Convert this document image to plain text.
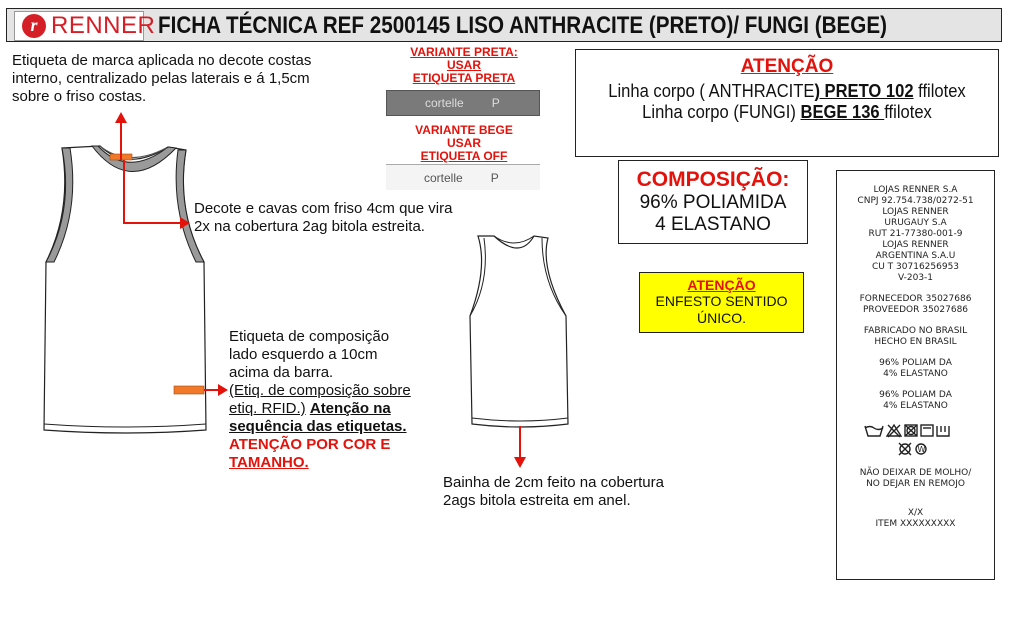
r RENNER FICHA TÉCNICA REF 2500145 LISO ANTHRACITE (PRETO)/ FUNGI (BEGE)
Etiqueta de marca aplicada no decote costas
interno, centralizado pelas laterais e á 1,5cm
sobre o friso costas.
Decote e cavas com friso 4cm que vira
2x na cobertura 2ag bitola estreita.
Etiqueta de composição
lado esquerdo a 10cm
acima da barra.
(Etiq. de composição sobre
etiq. RFID.) Atenção na
sequência das etiquetas.
ATENÇÃO POR COR E
TAMANHO.
Bainha de 2cm feito na cobertura
2ags bitola estreita em anel.
VARIANTE PRETA:
USAR
ETIQUETA PRETA
cortelle P
VARIANTE BEGE
USAR
ETIQUETA OFF
cortelle P
ATENÇÃO
Linha corpo ( ANTHRACITE) PRETO 102 ffilotex
Linha corpo (FUNGI) BEGE 136 ffilotex
COMPOSIÇÃO:
96% POLIAMIDA
4 ELASTANO
ATENÇÃO
ENFESTO SENTIDO
ÚNICO.
LOJAS RENNER S.A
CNPJ 92.754.738/0272-51
LOJAS RENNER
URUGAUY S.A
RUT 21-77380-001-9
LOJAS RENNER
ARGENTINA S.A.U
CU T 30716256953
V-203-1
FORNECEDOR 35027686
PROVEEDOR 35027686
FABRICADO NO BRASIL
HECHO EN BRASIL
96% POLIAM DA
4% ELASTANO
96% POLIAM DA
4% ELASTANO
W
NÃO DEIXAR DE MOLHO/
NO DEJAR EN REMOJO
X/X
ITEM XXXXXXXXX
